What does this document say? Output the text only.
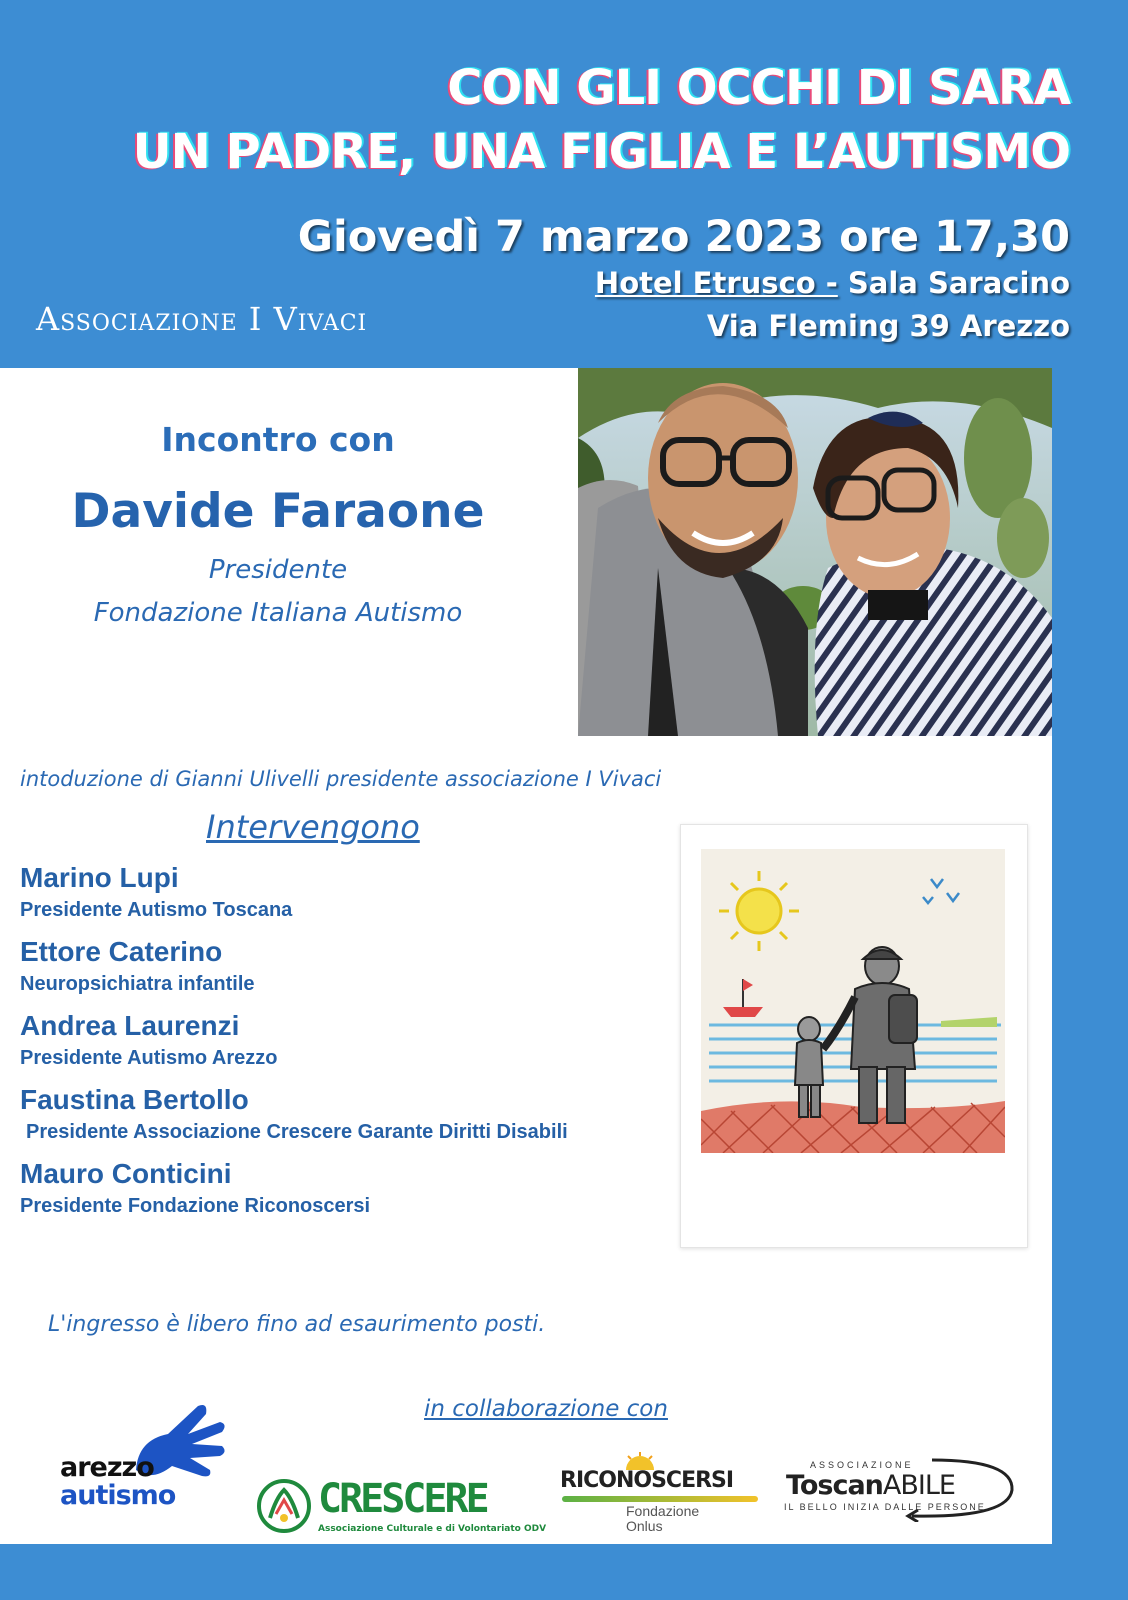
CON GLI OCCHI DI SARA
UN PADRE, UNA FIGLIA E L’AUTISMO
Giovedì 7 marzo 2023 ore 17,30
Hotel Etrusco - Sala Saracino
Via Fleming 39 Arezzo
Associazione I Vivaci
Incontro con
Davide Faraone
Presidente
Fondazione Italiana Autismo
intoduzione di Gianni Ulivelli presidente associazione I Vivaci
Intervengono
Marino Lupi
Presidente Autismo Toscana
Ettore Caterino
Neuropsichiatra infantile
Andrea Laurenzi
Presidente Autismo Arezzo
Faustina Bertollo
Presidente Associazione Crescere Garante Diritti Disabili
Mauro Conticini
Presidente Fondazione Riconoscersi
L'ingresso è libero fino ad esaurimento posti.
in collaborazione con
arezzo
autismo	CRESCERE
Associazione Culturale e di Volontariato ODV
RICONOSCERSI
Fondazione
Onlus
ASSOCIAZIONE
ToscanABILE
IL BELLO INIZIA DALLE PERSONE
